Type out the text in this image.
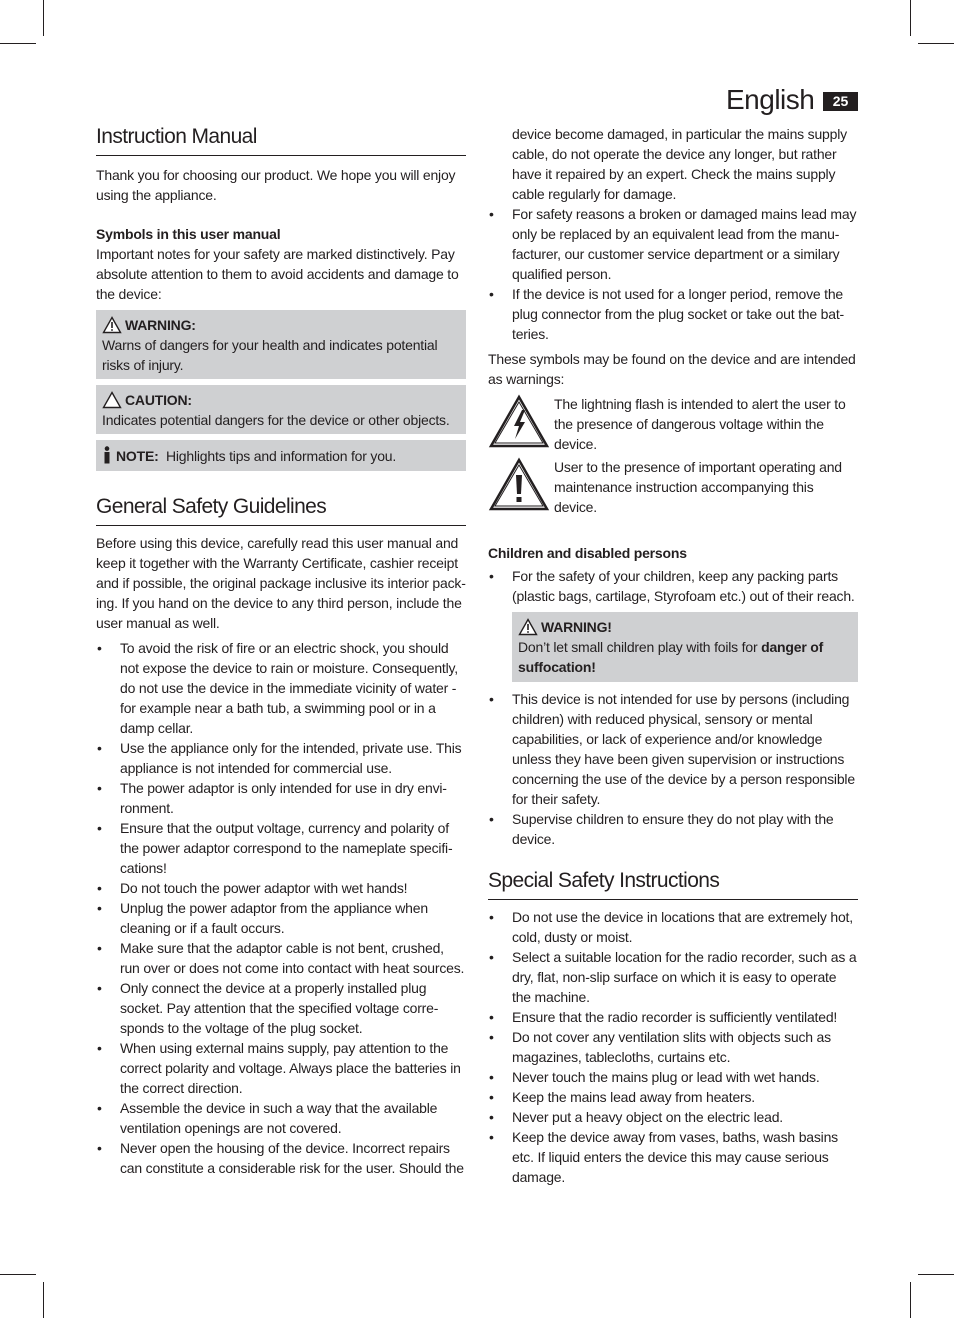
English	25
Instruction Manual

Thank you for choosing our product. We hope you will enjoy using the appliance.

Symbols in this user manual

Important notes for your safety are marked distinctively. Pay absolute attention to them to avoid accidents and damage to the device:

WARNING:

Warns of dangers for your health and indicates potential risks of injury.

CAUTION:

Indicates potential dangers for the device or other objects.

NOTE: Highlights tips and information for you.
General Safety Guidelines

Before using this device, carefully read this user manual and keep it together with the Warranty Certificate, cashier receipt and if possible, the original package inclusive its interior packing. If you hand on the device to any third person, include the user manual as well.

• To avoid the risk of fire or an electric shock, you should not expose the device to rain or moisture. Consequently, do not use the device in the immediate vicinity of water - for example near a bath tub, a swimming pool or in a damp cellar.
• Use the appliance only for the intended, private use. This appliance is not intended for commercial use.
• The power adaptor is only intended for use in dry environment.
• Ensure that the output voltage, currency and polarity of the power adaptor correspond to the nameplate specifications!
• Do not touch the power adaptor with wet hands!
• Unplug the power adaptor from the appliance when cleaning or if a fault occurs.
• Make sure that the adaptor cable is not bent, crushed, run over or does not come into contact with heat sources.
• Only connect the device at a properly installed plug socket. Pay attention that the specified voltage corresponds to the voltage of the plug socket.
• When using external mains supply, pay attention to the correct polarity and voltage. Always place the batteries in the correct direction.
• Assemble the device in such a way that the available ventilation openings are not covered.
• Never open the housing of the device. Incorrect repairs can constitute a considerable risk for the user. Should the
device become damaged, in particular the mains supply cable, do not operate the device any longer, but rather have it repaired by an expert. Check the mains supply cable regularly for damage.
• For safety reasons a broken or damaged mains lead may only be replaced by an equivalent lead from the manufacturer, our customer service department or a similary qualified person.
• If the device is not used for a longer period, remove the plug connector from the plug socket or take out the batteries.

These symbols may be found on the device and are intended as warnings:

The lightning flash is intended to alert the user to the presence of dangerous voltage within the device.

User to the presence of important operating and maintenance instruction accompanying this device.

Children and disabled persons
• For the safety of your children, keep any packing parts (plastic bags, cartilage, Styrofoam etc.) out of their reach.
WARNING!

Don’t let small children play with foils for danger of suffocation!

• This device is not intended for use by persons (including children) with reduced physical, sensory or mental capabilities, or lack of experience and/or knowledge unless they have been given supervision or instructions concerning the use of the device by a person responsible for their safety.
• Supervise children to ensure they do not play with the device.
Special Safety Instructions
• Do not use the device in locations that are extremely hot, cold, dusty or moist.
• Select a suitable location for the radio recorder, such as a dry, flat, non-slip surface on which it is easy to operate the machine.
• Ensure that the radio recorder is sufficiently ventilated!
• Do not cover any ventilation slits with objects such as magazines, tablecloths, curtains etc.
• Never touch the mains plug or lead with wet hands.
• Keep the mains lead away from heaters.
• Never put a heavy object on the electric lead.
• Keep the device away from vases, baths, wash basins etc. If liquid enters the device this may cause serious damage.
